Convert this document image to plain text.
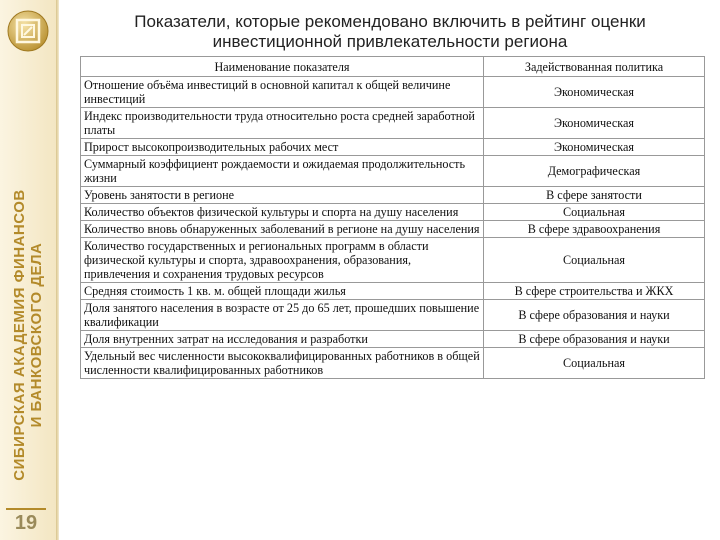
СИБИРСКАЯ АКАДЕМИЯ ФИНАНСОВ И БАНКОВСКОГО ДЕЛА
19
Показатели, которые рекомендовано включить в рейтинг оценки
инвестиционной привлекательности региона
Наименование показателя	Задействованная политика
Отношение объёма инвестиций в основной капитал к общей величине инвестиций	Экономическая
Индекс производительности труда относительно роста средней заработной платы	Экономическая
Прирост высокопроизводительных рабочих мест	Экономическая
Суммарный коэффициент рождаемости и ожидаемая продолжительность жизни	Демографическая
Уровень занятости в регионе	В сфере занятости
Количество объектов физической культуры и спорта на душу населения	Социальная
Количество вновь обнаруженных заболеваний в регионе на душу населения	В сфере здравоохранения
Количество государственных и региональных программ в области физической культуры и спорта, здравоохранения, образования, привлечения и сохранения трудовых ресурсов	Социальная
Средняя стоимость 1 кв. м. общей площади жилья	В сфере строительства и ЖКХ
Доля занятого населения в возрасте от 25 до 65 лет, прошедших повышение квалификации	В сфере образования и науки
Доля внутренних затрат на исследования и разработки	В сфере образования и науки
Удельный вес численности высококвалифицированных работников в общей численности квалифицированных работников	Социальная
